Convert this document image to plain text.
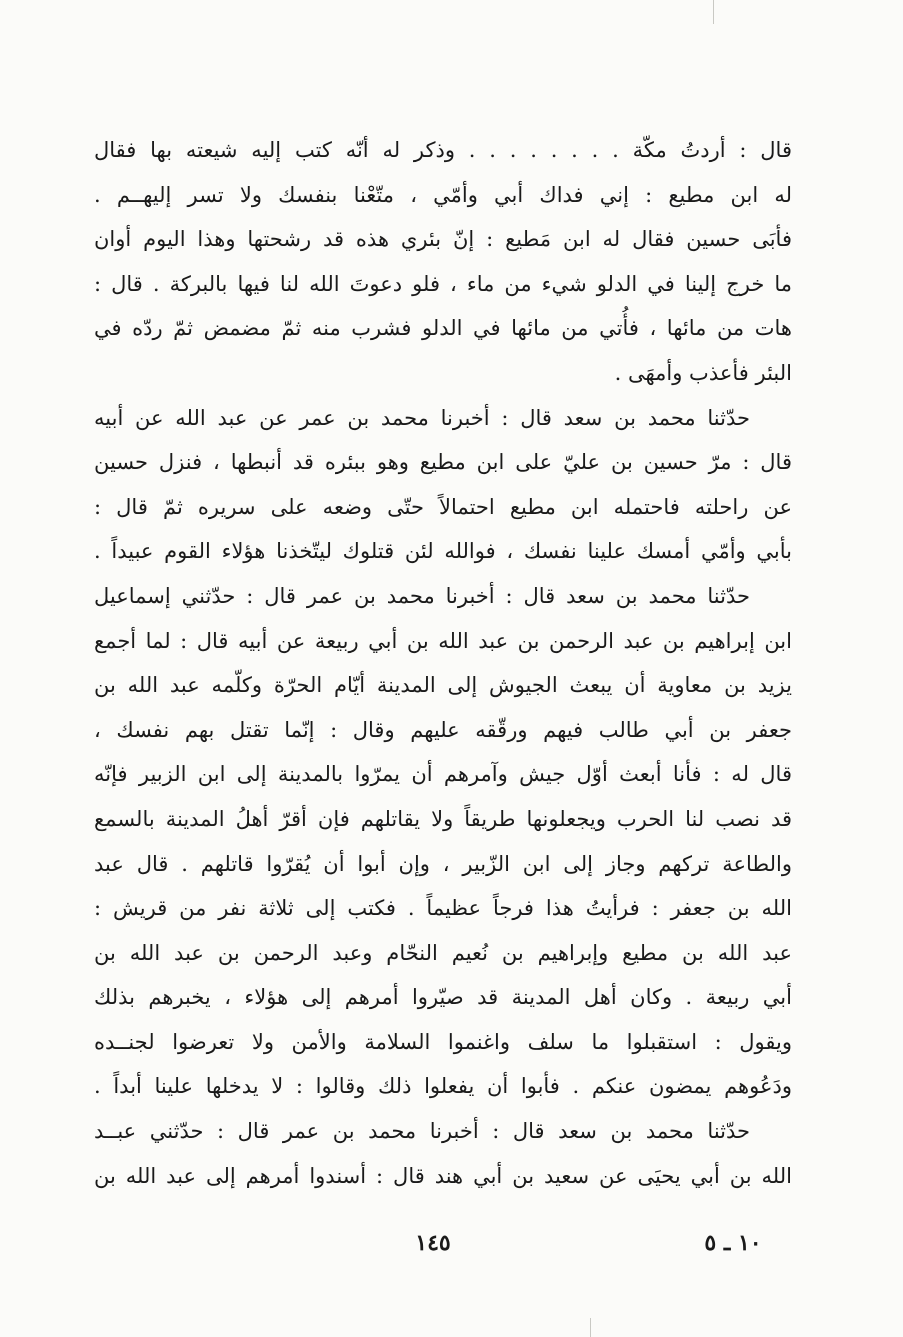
قال : أردتُ مكّة . . . . . . . . وذكر له أنّه كتب إليه شيعته بها فقال
له ابن مطيع : إني فداك أبي وأمّي ، متّعْنا بنفسك ولا تسر إليهــم .
فأبَى حسين فقال له ابن مَطيع : إنّ بئري هذه قد رشحتها وهذا اليوم أوان
ما خرج إلينا في الدلو شيء من ماء ، فلو دعوتَ الله لنا فيها بالبركة . قال :
هات من مائها ، فأُتي من مائها في الدلو فشرب منه ثمّ مضمض ثمّ ردّه في
البئر فأعذب وأمهَى .
حدّثنا محمد بن سعد قال : أخبرنا محمد بن عمر عن عبد الله عن أبيه
قال : مرّ حسين بن عليّ على ابن مطيع وهو ببئره قد أنبطها ، فنزل حسين
عن راحلته فاحتمله ابن مطيع احتمالاً حتّى وضعه على سريره ثمّ قال :
بأبي وأمّي أمسك علينا نفسك ، فوالله لئن قتلوك ليتّخذنا هؤلاء القوم عبيداً .
حدّثنا محمد بن سعد قال : أخبرنا محمد بن عمر قال : حدّثني إسماعيل
ابن إبراهيم بن عبد الرحمن بن عبد الله بن أبي ربيعة عن أبيه قال : لما أجمع
يزيد بن معاوية أن يبعث الجيوش إلى المدينة أيّام الحرّة وكلّمه عبد الله بن
جعفر بن أبي طالب فيهم ورقّقه عليهم وقال : إنّما تقتل بهم نفسك ،
قال له : فأنا أبعث أوّل جيش وآمرهم أن يمرّوا بالمدينة إلى ابن الزبير فإنّه
قد نصب لنا الحرب ويجعلونها طريقاً ولا يقاتلهم فإن أقرّ أهلُ المدينة بالسمع
والطاعة تركهم وجاز إلى ابن الزّبير ، وإن أبوا أن يُقرّوا قاتلهم . قال عبد
الله بن جعفر : فرأيتُ هذا فرجاً عظيماً . فكتب إلى ثلاثة نفر من قريش :
عبد الله بن مطيع وإبراهيم بن نُعيم النحّام وعبد الرحمن بن عبد الله بن
أبي ربيعة . وكان أهل المدينة قد صيّروا أمرهم إلى هؤلاء ، يخبرهم بذلك
ويقول : استقبلوا ما سلف واغنموا السلامة والأمن ولا تعرضوا لجنــده
ودَعُوهم يمضون عنكم . فأبوا أن يفعلوا ذلك وقالوا : لا يدخلها علينا أبداً .
حدّثنا محمد بن سعد قال : أخبرنا محمد بن عمر قال : حدّثني عبــد
الله بن أبي يحيَى عن سعيد بن أبي هند قال : أسندوا أمرهم إلى عبد الله بن
١٠ ـ ٥
١٤٥
